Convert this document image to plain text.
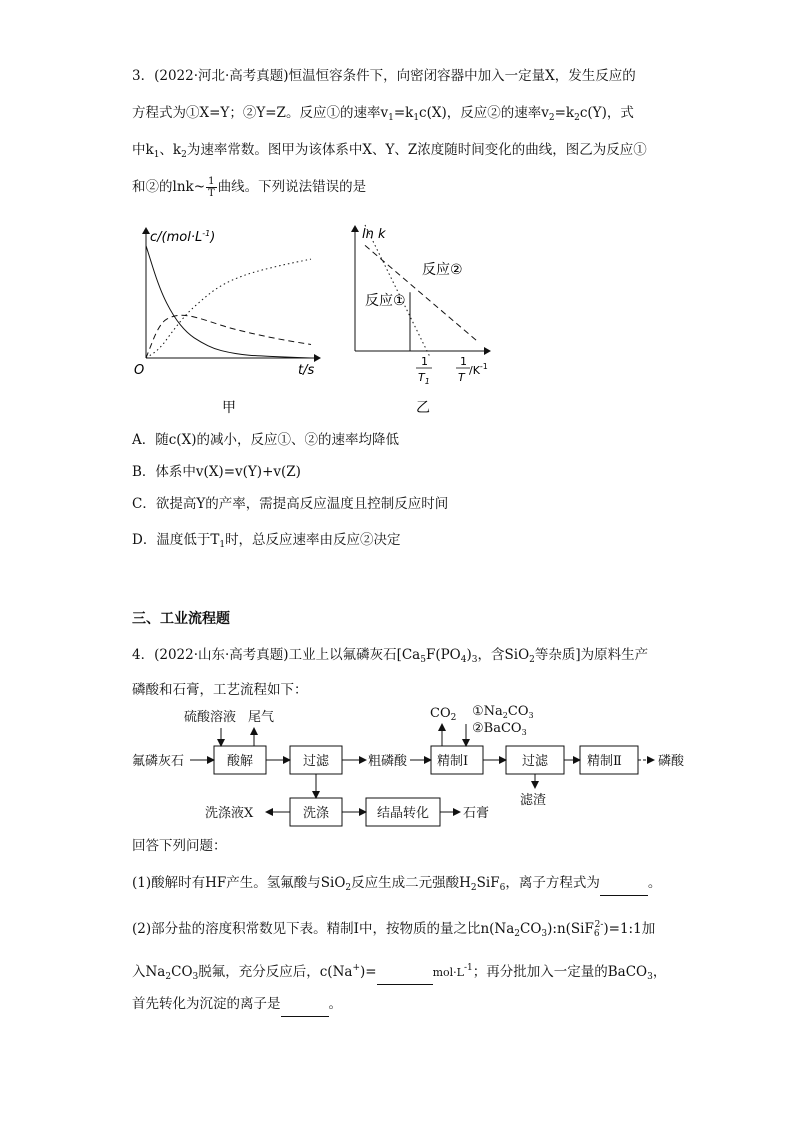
3．(2022·河北·高考真题)恒温恒容条件下，向密闭容器中加入一定量X，发生反应的
方程式为①X=Y；②Y=Z。反应①的速率$v_1=k_1c(X)$，反应②的速率$v_2=k_2c(Y)$，式
中$k_1$、$k_2$为速率常数。图甲为该体系中X、Y、Z浓度随时间变化的曲线，图乙为反应①
和②的lnk~ $\frac{1}{T}$ 曲线。下列说法错误的是
$c/(mol\cdot L^{-1})$
O	t/s
甲
ln k
反应②
反应①
1
$T_1$
1
T
$/K^{-1}$
乙
A．随c(X)的减小，反应①、②的速率均降低
B．体系中v(X)=v(Y)+v(Z)
C．欲提高Y的产率，需提高反应温度且控制反应时间
D．温度低于$T_1$时，总反应速率由反应②决定
三、工业流程题
4．(2022·山东·高考真题)工业上以氟磷灰石[$Ca_5F(PO_4)_3$，含SiO$_2$等杂质]为原料生产
磷酸和石膏，工艺流程如下：
氟磷灰石
硫酸溶液 尾气
酸解	过滤	粗磷酸 精制Ⅰ
$CO_2$ $①Na_2CO_3$
②BaCO$_3$
过滤
滤渣
精制Ⅱ	磷酸
洗涤液X	洗涤	结晶转化	石膏
回答下列问题：
(1)酸解时有HF产生。氢氟酸与SiO$_2$反应生成二元强酸$H_2SiF_6$，离子方程式为	。
(2)部分盐的溶度积常数见下表。精制Ⅰ中，按物质的量之比$n(Na_2CO_3):n(SiF_6^{2-})=1:1$加
入$Na_2CO_3$脱氟，充分反应后，c(Na+)=	$mol\cdot L^{-1}$；再分批加入一定量的BaCO$_3$，
首先转化为沉淀的离子是	。
